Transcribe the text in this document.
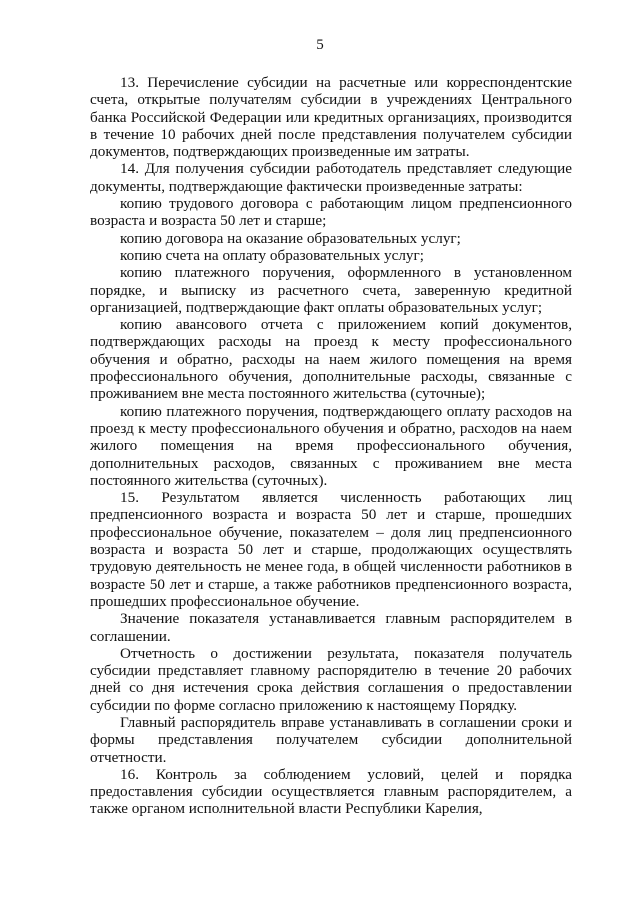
5

13. Перечисление субсидии на расчетные или корреспондентские счета, открытые получателям субсидии в учреждениях Центрального банка Российской Федерации или кредитных организациях, производится в течение 10 рабочих дней после представления получателем субсидии документов, подтверждающих произведенные им затраты.

14. Для получения субсидии работодатель представляет следующие документы, подтверждающие фактически произведенные затраты:

копию трудового договора с работающим лицом предпенсионного возраста и возраста 50 лет и старше;

копию договора на оказание образовательных услуг;

копию счета на оплату образовательных услуг;

копию платежного поручения, оформленного в установленном порядке, и выписку из расчетного счета, заверенную кредитной организацией, подтверждающие факт оплаты образовательных услуг;

копию авансового отчета с приложением копий документов, подтверждающих расходы на проезд к месту профессионального обучения и обратно, расходы на наем жилого помещения на время профессионального обучения, дополнительные расходы, связанные с проживанием вне места постоянного жительства (суточные);

копию платежного поручения, подтверждающего оплату расходов на проезд к месту профессионального обучения и обратно, расходов на наем жилого помещения на время профессионального обучения, дополнительных расходов, связанных с проживанием вне места постоянного жительства (суточных).

15. Результатом является численность работающих лиц предпенсионного возраста и возраста 50 лет и старше, прошедших профессиональное обучение, показателем – доля лиц предпенсионного возраста и возраста 50 лет и старше, продолжающих осуществлять трудовую деятельность не менее года, в общей численности работников в возрасте 50 лет и старше, а также работников предпенсионного возраста, прошедших профессиональное обучение.

Значение показателя устанавливается главным распорядителем в соглашении.

Отчетность о достижении результата, показателя получатель субсидии представляет главному распорядителю в течение 20 рабочих дней со дня истечения срока действия соглашения о предоставлении субсидии по форме согласно приложению к настоящему Порядку.

Главный распорядитель вправе устанавливать в соглашении сроки и формы представления получателем субсидии дополнительной отчетности.

16. Контроль за соблюдением условий, целей и порядка предоставления субсидии осуществляется главным распорядителем, а также органом исполнительной власти Республики Карелия,
